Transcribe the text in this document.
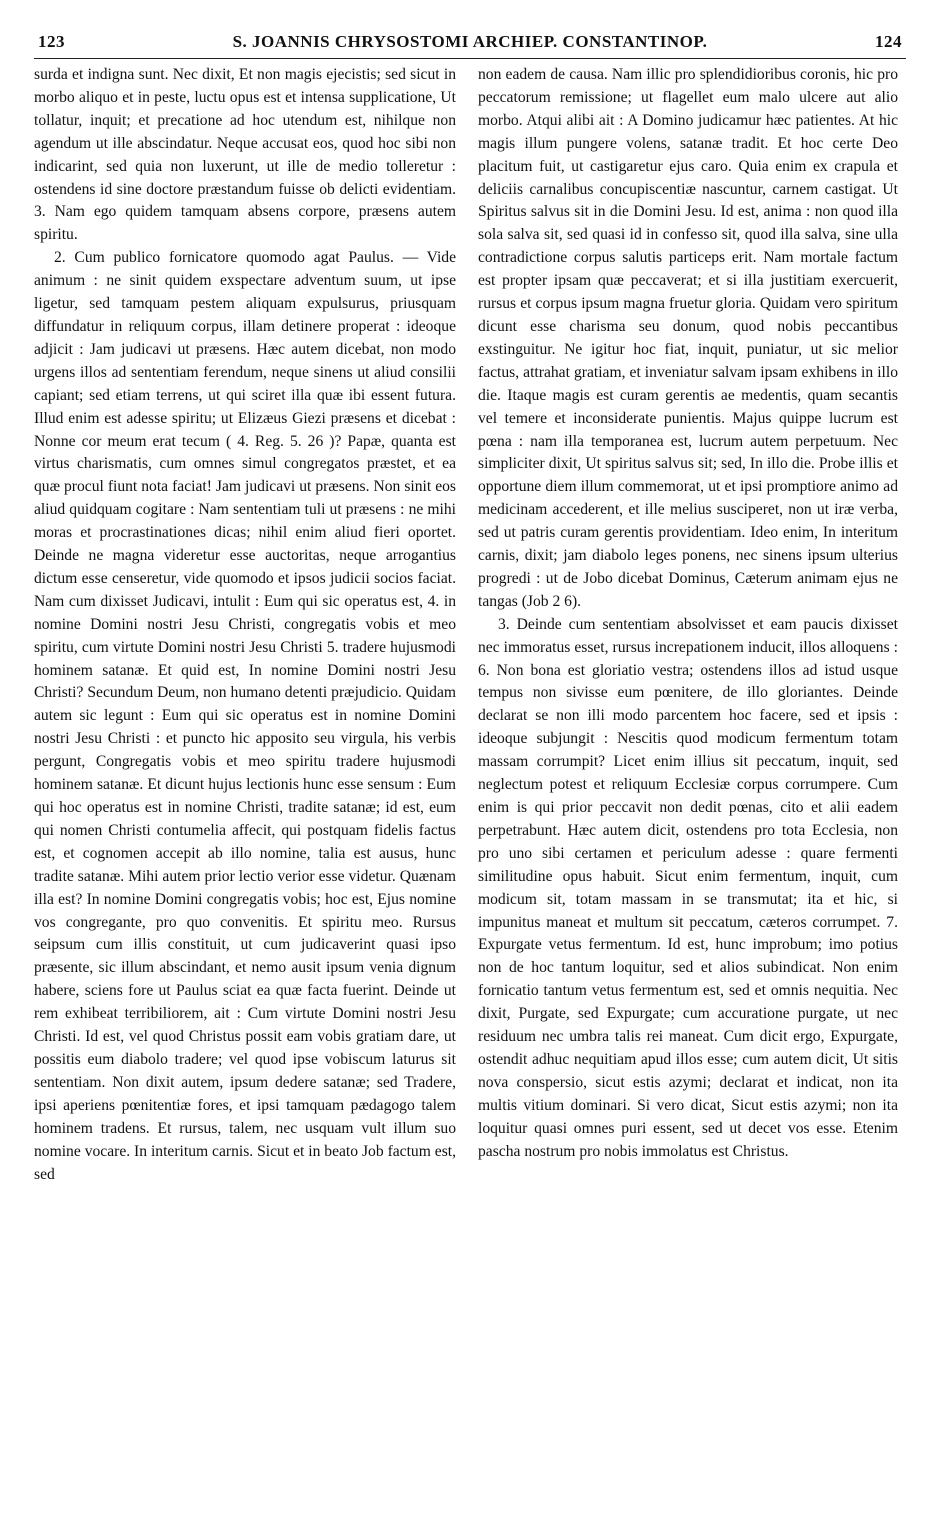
123	S. JOANNIS CHRYSOSTOMI ARCHIEP. CONSTANTINOP.	124

surda et indigna sunt. Nec dixit, Et non magis ejecistis; sed sicut in morbo aliquo et in peste, luctu opus est et intensa supplicatione, Ut tollatur, inquit; et precatione ad hoc utendum est, nihilque non agendum ut ille abscindatur. Neque accusat eos, quod hoc sibi non indicarint, sed quia non luxerunt, ut ille de medio tolleretur : ostendens id sine doctore præstandum fuisse ob delicti evidentiam. 3. Nam ego quidem tamquam absens corpore, præsens autem spiritu.

2. Cum publico fornicatore quomodo agat Paulus. — Vide animum : ne sinit quidem exspectare adventum suum, ut ipse ligetur, sed tamquam pestem aliquam expulsurus, priusquam diffundatur in reliquum corpus, illam detinere properat : ideoque adjicit : Jam judicavi ut præsens. Hæc autem dicebat, non modo urgens illos ad sententiam ferendum, neque sinens ut aliud consilii capiant; sed etiam terrens, ut qui sciret illa quæ ibi essent futura. Illud enim est adesse spiritu; ut Elizæus Giezi præsens et dicebat : Nonne cor meum erat tecum ( 4. Reg. 5. 26 )? Papæ, quanta est virtus charismatis, cum omnes simul congregatos præstet, et ea quæ procul fiunt nota faciat! Jam judicavi ut præsens. Non sinit eos aliud quidquam cogitare : Nam sententiam tuli ut præsens : ne mihi moras et procrastinationes dicas; nihil enim aliud fieri oportet. Deinde ne magna videretur esse auctoritas, neque arrogantius dictum esse censeretur, vide quomodo et ipsos judicii socios faciat. Nam cum dixisset Judicavi, intulit : Eum qui sic operatus est, 4. in nomine Domini nostri Jesu Christi, congregatis vobis et meo spiritu, cum virtute Domini nostri Jesu Christi 5. tradere hujusmodi hominem satanæ. Et quid est, In nomine Domini nostri Jesu Christi? Secundum Deum, non humano detenti præjudicio. Quidam autem sic legunt : Eum qui sic operatus est in nomine Domini nostri Jesu Christi : et puncto hic apposito seu virgula, his verbis pergunt, Congregatis vobis et meo spiritu tradere hujusmodi hominem satanæ. Et dicunt hujus lectionis hunc esse sensum : Eum qui hoc operatus est in nomine Christi, tradite satanæ; id est, eum qui nomen Christi contumelia affecit, qui postquam fidelis factus est, et cognomen accepit ab illo nomine, talia est ausus, hunc tradite satanæ. Mihi autem prior lectio verior esse videtur. Quænam illa est? In nomine Domini congregatis vobis; hoc est, Ejus nomine vos congregante, pro quo convenitis. Et spiritu meo. Rursus seipsum cum illis constituit, ut cum judicaverint quasi ipso præsente, sic illum abscindant, et nemo ausit ipsum venia dignum habere, sciens fore ut Paulus sciat ea quæ facta fuerint. Deinde ut rem exhibeat terribiliorem, ait : Cum virtute Domini nostri Jesu Christi. Id est, vel quod Christus possit eam vobis gratiam dare, ut possitis eum diabolo tradere; vel quod ipse vobiscum laturus sit sententiam. Non dixit autem, ipsum dedere satanæ; sed Tradere, ipsi aperiens pœnitentiæ fores, et ipsi tamquam pædagogo talem hominem tradens. Et rursus, talem, nec usquam vult illum suo nomine vocare. In interitum carnis. Sicut et in beato Job factum est, sed

non eadem de causa. Nam illic pro splendidioribus coronis, hic pro peccatorum remissione; ut flagellet eum malo ulcere aut alio morbo. Atqui alibi ait : A Domino judicamur hæc patientes. At hic magis illum pungere volens, satanæ tradit. Et hoc certe Deo placitum fuit, ut castigaretur ejus caro. Quia enim ex crapula et deliciis carnalibus concupiscentiæ nascuntur, carnem castigat. Ut Spiritus salvus sit in die Domini Jesu. Id est, anima : non quod illa sola salva sit, sed quasi id in confesso sit, quod illa salva, sine ulla contradictione corpus salutis particeps erit. Nam mortale factum est propter ipsam quæ peccaverat; et si illa justitiam exercuerit, rursus et corpus ipsum magna fruetur gloria. Quidam vero spiritum dicunt esse charisma seu donum, quod nobis peccantibus exstinguitur. Ne igitur hoc fiat, inquit, puniatur, ut sic melior factus, attrahat gratiam, et inveniatur salvam ipsam exhibens in illo die. Itaque magis est curam gerentis ae medentis, quam secantis vel temere et inconsiderate punientis. Majus quippe lucrum est pœna : nam illa temporanea est, lucrum autem perpetuum. Nec simpliciter dixit, Ut spiritus salvus sit; sed, In illo die. Probe illis et opportune diem illum commemorat, ut et ipsi promptiore animo ad medicinam accederent, et ille melius susciperet, non ut iræ verba, sed ut patris curam gerentis providentiam. Ideo enim, In interitum carnis, dixit; jam diabolo leges ponens, nec sinens ipsum ulterius progredi : ut de Jobo dicebat Dominus, Cæterum animam ejus ne tangas (Job 2 6).

3. Deinde cum sententiam absolvisset et eam paucis dixisset nec immoratus esset, rursus increpationem inducit, illos alloquens : 6. Non bona est gloriatio vestra; ostendens illos ad istud usque tempus non sivisse eum pœnitere, de illo gloriantes. Deinde declarat se non illi modo parcentem hoc facere, sed et ipsis : ideoque subjungit : Nescitis quod modicum fermentum totam massam corrumpit? Licet enim illius sit peccatum, inquit, sed neglectum potest et reliquum Ecclesiæ corpus corrumpere. Cum enim is qui prior peccavit non dedit pœnas, cito et alii eadem perpetrabunt. Hæc autem dicit, ostendens pro tota Ecclesia, non pro uno sibi certamen et periculum adesse : quare fermenti similitudine opus habuit. Sicut enim fermentum, inquit, cum modicum sit, totam massam in se transmutat; ita et hic, si impunitus maneat et multum sit peccatum, cæteros corrumpet. 7. Expurgate vetus fermentum. Id est, hunc improbum; imo potius non de hoc tantum loquitur, sed et alios subindicat. Non enim fornicatio tantum vetus fermentum est, sed et omnis nequitia. Nec dixit, Purgate, sed Expurgate; cum accuratione purgate, ut nec residuum nec umbra talis rei maneat. Cum dicit ergo, Expurgate, ostendit adhuc nequitiam apud illos esse; cum autem dicit, Ut sitis nova conspersio, sicut estis azymi; declarat et indicat, non ita multis vitium dominari. Si vero dicat, Sicut estis azymi; non ita loquitur quasi omnes puri essent, sed ut decet vos esse. Etenim pascha nostrum pro nobis immolatus est Christus.
